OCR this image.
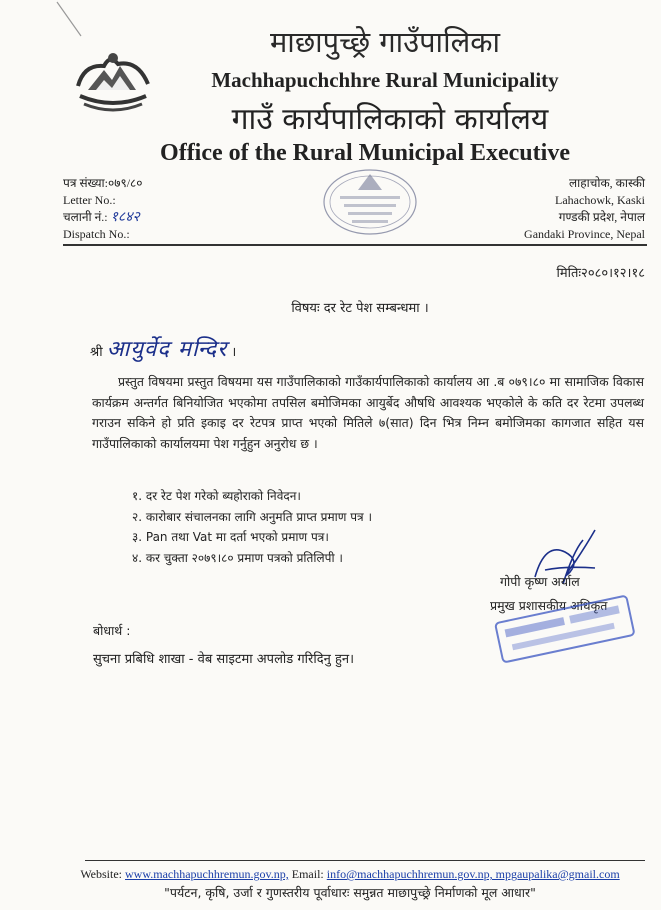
माछापुच्छ्रे गाउँपालिका
Machhapuchchhre Rural Municipality
गाउँ कार्यपालिकाको कार्यालय
Office of the Rural Municipal Executive
पत्र संख्या:०७९/८०
Letter No.:
चलानी नं.: १८४२
Dispatch No.:
लाहाचोक, कास्की
Lahachowk, Kaski
गण्डकी प्रदेश, नेपाल
Gandaki Province, Nepal
मितिः२०८०।१२।१८
विषयः दर रेट पेश सम्बन्धमा ।
श्री आयुर्वेद मन्दिर ।
प्रस्तुत विषयमा प्रस्तुत विषयमा यस गाउँपालिकाको गाउँकार्यपालिकाको कार्यालय आ .ब ०७९।८० मा सामाजिक विकास कार्यक्रम अन्तर्गत बिनियोजित भएकोमा तपसिल बमोजिमका आयुर्बेद औषधि आवश्यक भएकोले के कति दर रेटमा उपलब्ध गराउन सकिने हो प्रति इकाइ दर रेटपत्र प्राप्त भएको मितिले ७(सात) दिन भित्र निम्न बमोजिमका कागजात सहित यस गाउँपालिकाको कार्यालयमा पेश गर्नुहुन अनुरोध छ ।
१. दर रेट पेश गरेको ब्यहोराको निवेदन।
२. कारोबार संचालनका लागि अनुमति प्राप्त प्रमाण पत्र ।
३. Pan तथा Vat मा दर्ता भएको प्रमाण पत्र।
४. कर चुक्ता २०७९।८० प्रमाण पत्रको प्रतिलिपी ।
गोपी कृष्ण अर्याल
प्रमुख प्रशासकीय अधिकृत
बोधार्थ :
सुचना प्रबिधि शाखा - वेब साइटमा अपलोड गरिदिनु हुन।
Website: www.machhapuchhremun.gov.np, Email: info@machhapuchhremun.gov.np, mpgaupalika@gmail.com
"पर्यटन, कृषि, उर्जा र गुणस्तरीय पूर्वाधारः समुन्नत माछापुच्छ्रे निर्माणको मूल आधार"
